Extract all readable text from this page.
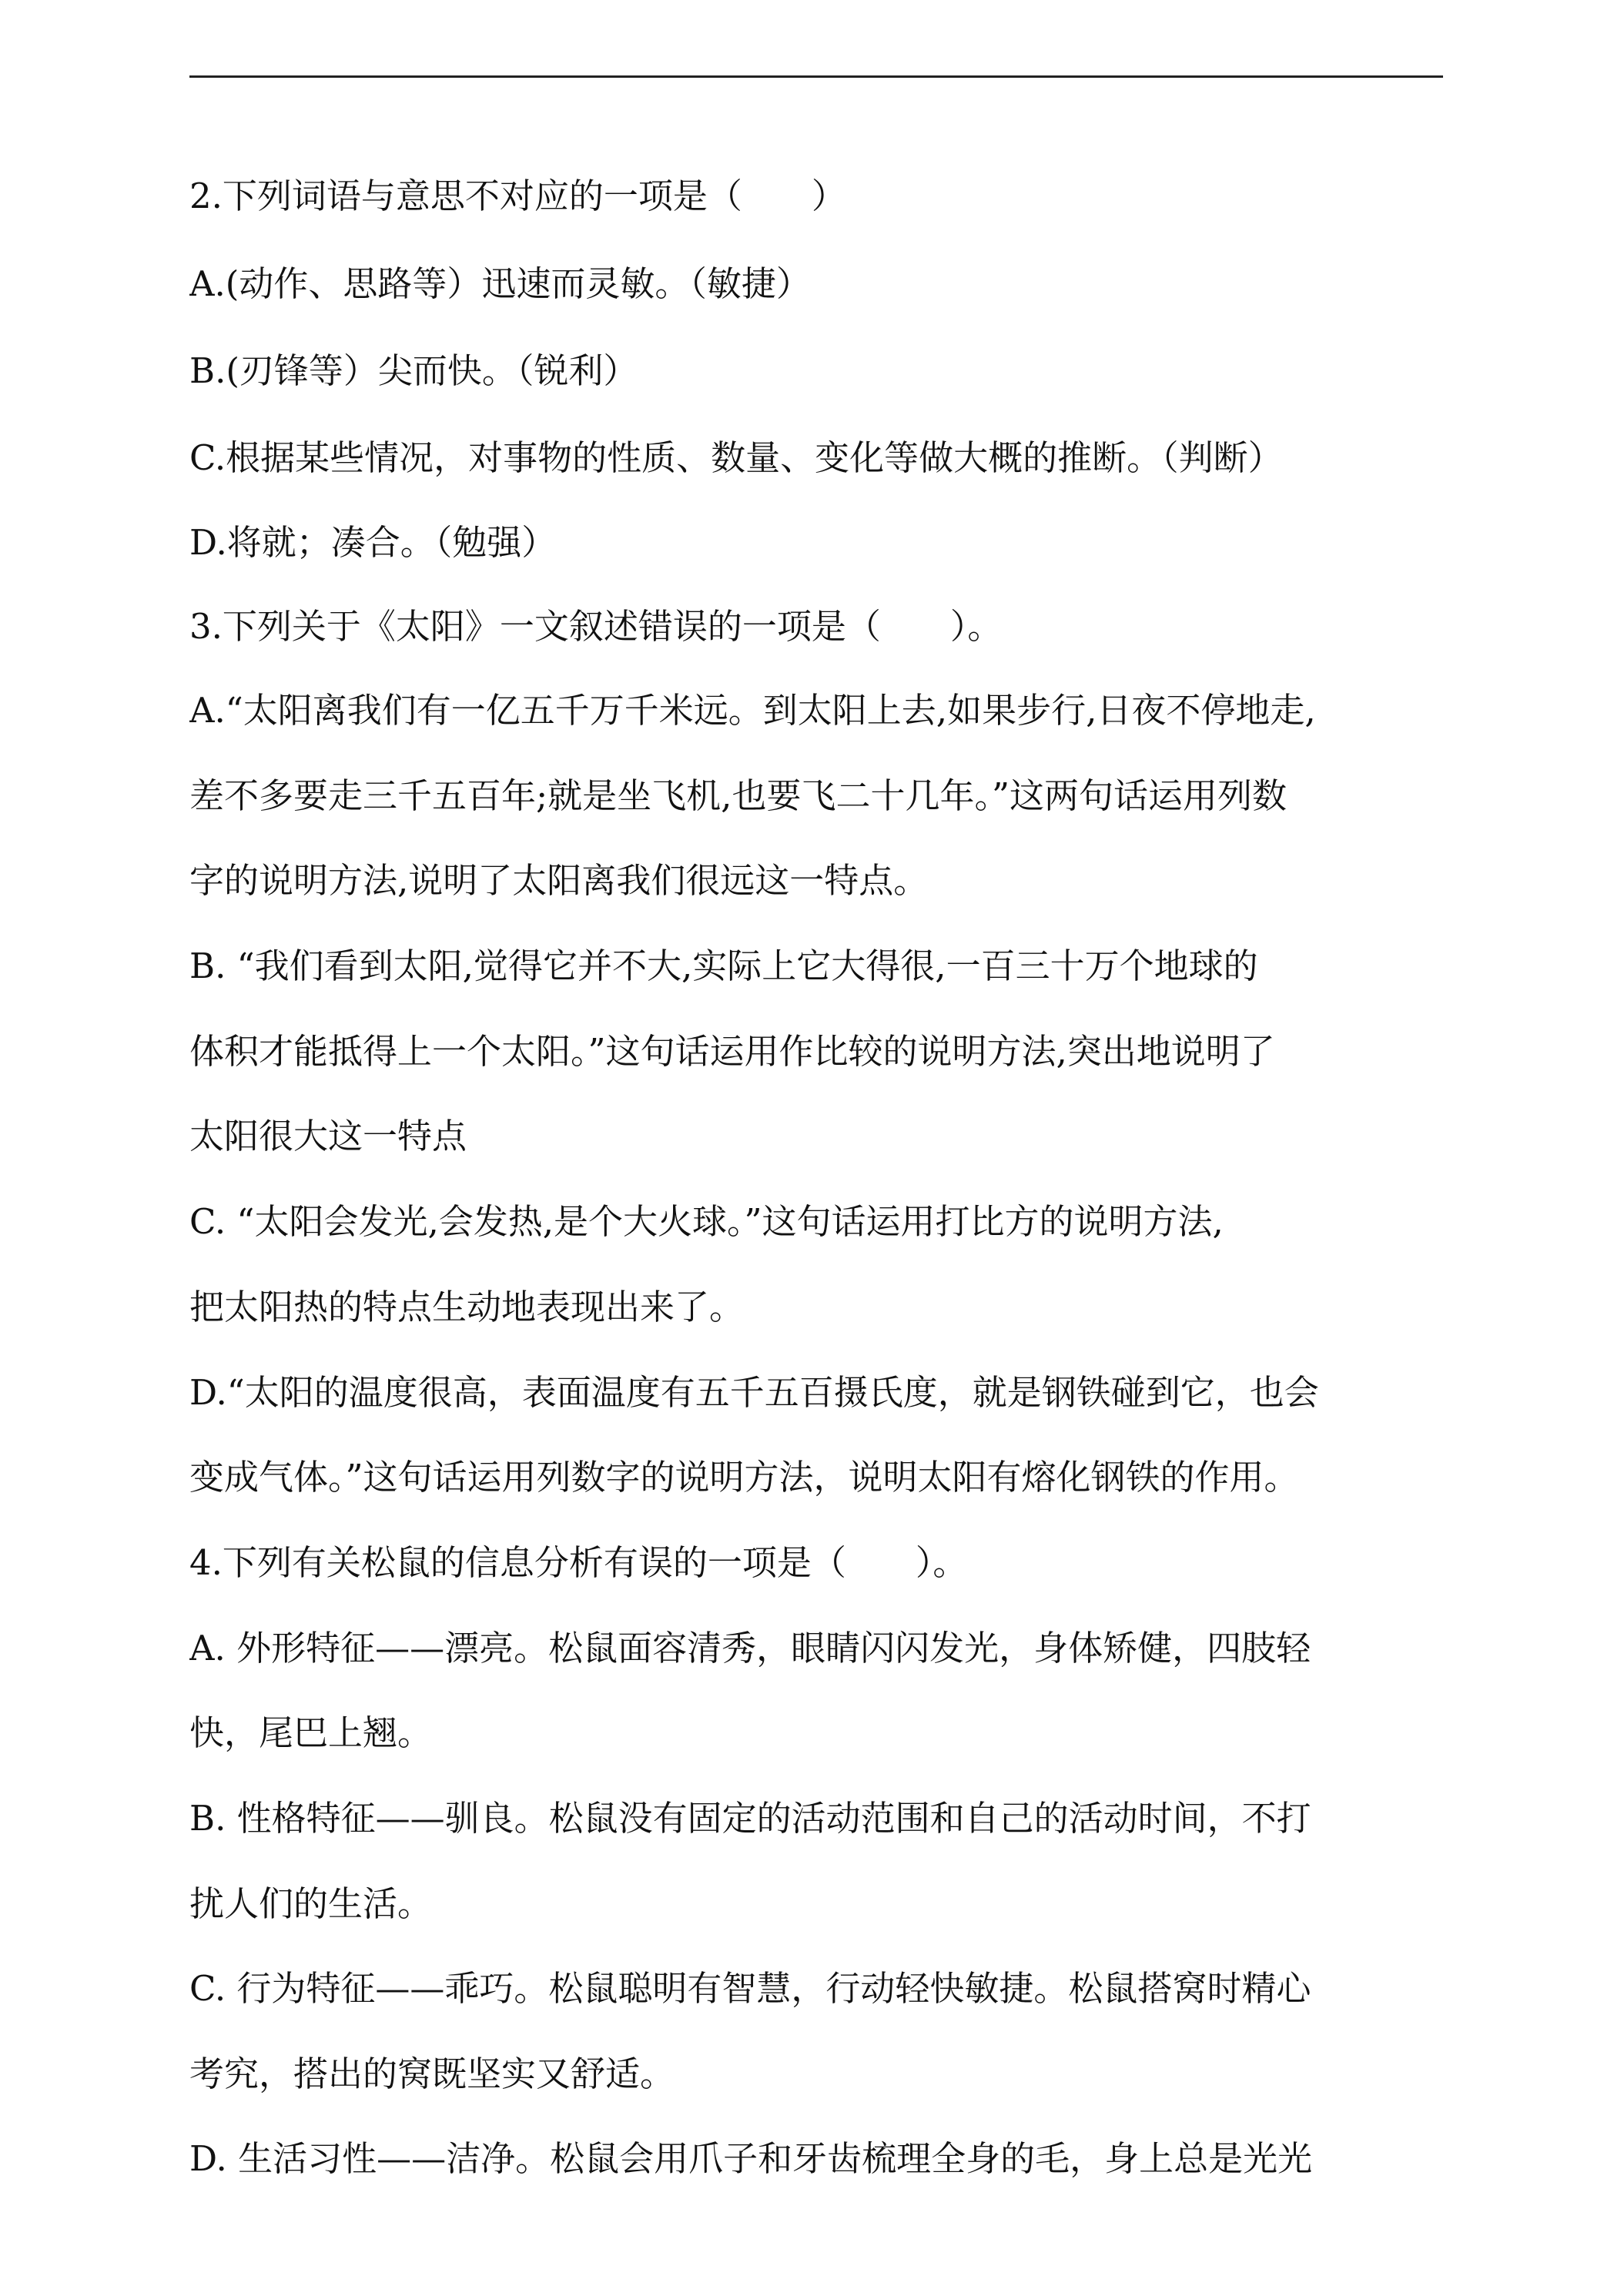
2.下列词语与意思不对应的一项是（　　）
A.(动作、思路等）迅速而灵敏。（敏捷）
B.(刃锋等）尖而快。（锐利）
C.根据某些情况，对事物的性质、数量、变化等做大概的推断。（判断）
D.将就；凑合。（勉强）
3.下列关于《太阳》一文叙述错误的一项是（　　）。
A.“太阳离我们有一亿五千万千米远。到太阳上去,如果步行,日夜不停地走,
差不多要走三千五百年;就是坐飞机,也要飞二十几年。”这两句话运用列数
字的说明方法,说明了太阳离我们很远这一特点。
B. “我们看到太阳,觉得它并不大,实际上它大得很,一百三十万个地球的
体积才能抵得上一个太阳。”这句话运用作比较的说明方法,突出地说明了
太阳很大这一特点
C. “太阳会发光,会发热,是个大火球。”这句话运用打比方的说明方法,
把太阳热的特点生动地表现出来了。
D.“太阳的温度很高，表面温度有五千五百摄氏度，就是钢铁碰到它，也会
变成气体。”这句话运用列数字的说明方法，说明太阳有熔化钢铁的作用。
4.下列有关松鼠的信息分析有误的一项是（　　）。
A. 外形特征——漂亮。松鼠面容清秀，眼睛闪闪发光，身体矫健，四肢轻
快，尾巴上翘。
B. 性格特征——驯良。松鼠没有固定的活动范围和自己的活动时间，不打
扰人们的生活。
C. 行为特征——乖巧。松鼠聪明有智慧，行动轻快敏捷。松鼠搭窝时精心
考究，搭出的窝既坚实又舒适。
D. 生活习性——洁净。松鼠会用爪子和牙齿梳理全身的毛，身上总是光光
